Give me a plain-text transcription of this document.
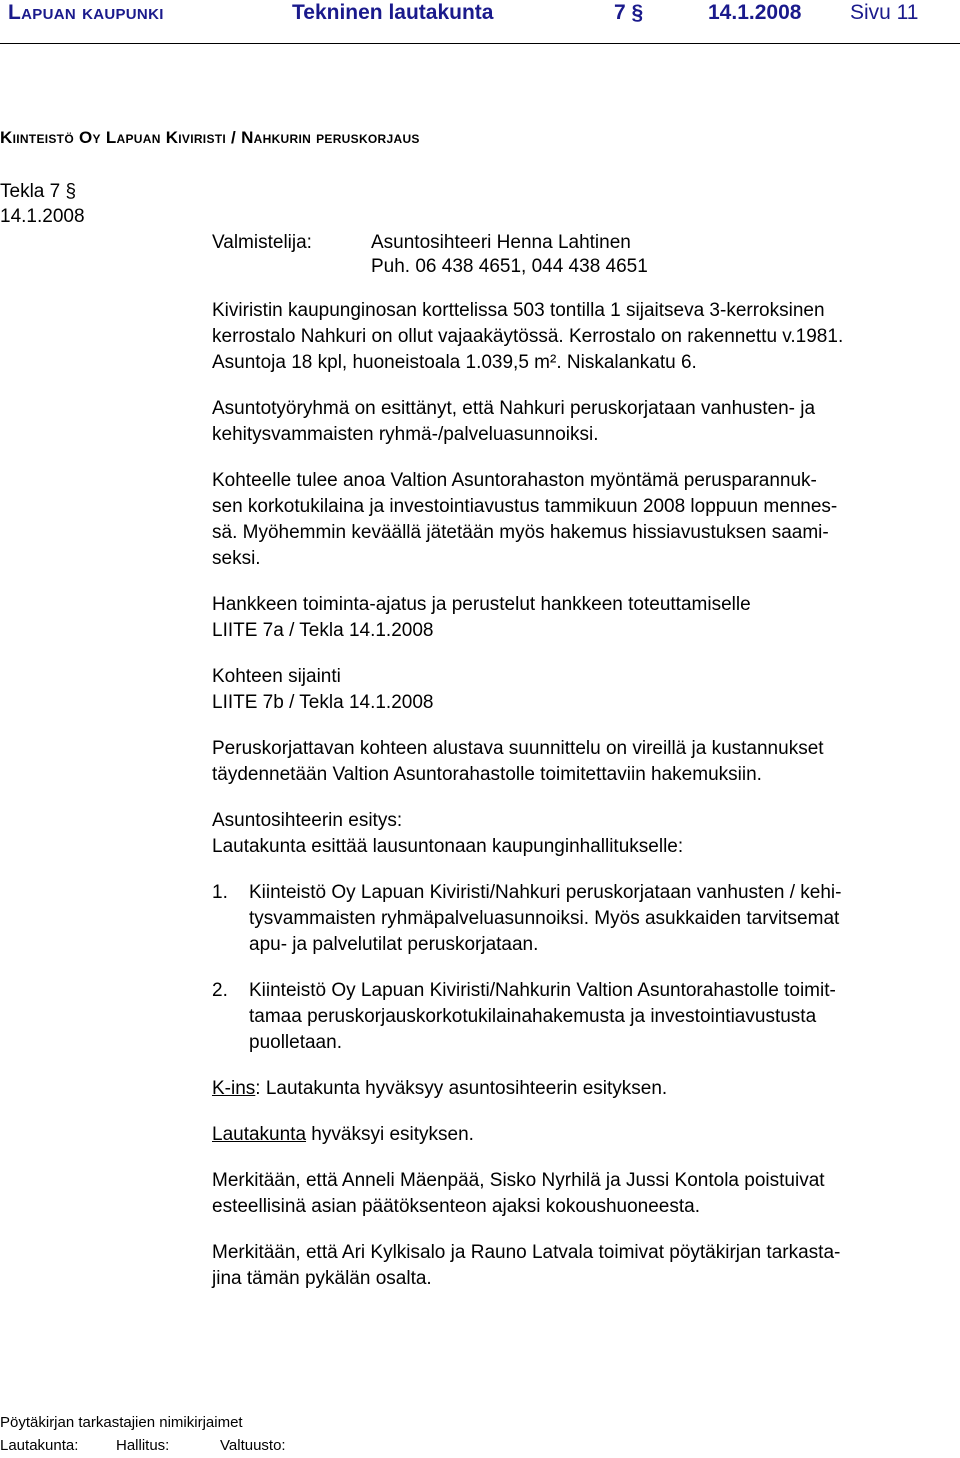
Lapuan kaupunki	Tekninen lautakunta	7 §	14.1.2008 Sivu 11
Kiinteistö Oy Lapuan Kiviristi / Nahkurin peruskorjaus
Tekla 7 §
14.1.2008
Valmistelija:	Asuntosihteeri Henna Lahtinen
Puh. 06 438 4651, 044 438 4651

Kiviristin kaupunginosan korttelissa 503 tontilla 1 sijaitseva 3-kerroksinen
kerrostalo Nahkuri on ollut vajaakäytössä. Kerrostalo on rakennettu v.1981.
Asuntoja 18 kpl, huoneistoala 1.039,5 m². Niskalankatu 6.

Asuntotyöryhmä on esittänyt, että Nahkuri peruskorjataan vanhusten- ja
kehitysvammaisten ryhmä-/palveluasunnoiksi.

Kohteelle tulee anoa Valtion Asuntorahaston myöntämä perusparannuk-
sen korkotukilaina ja investointiavustus tammikuun 2008 loppuun mennes-
sä. Myöhemmin keväällä jätetään myös hakemus hissiavustuksen saami-
seksi.

Hankkeen toiminta-ajatus ja perustelut hankkeen toteuttamiselle
LIITE 7a / Tekla 14.1.2008

Kohteen sijainti
LIITE 7b / Tekla 14.1.2008

Peruskorjattavan kohteen alustava suunnittelu on vireillä ja kustannukset
täydennetään Valtion Asuntorahastolle toimitettaviin hakemuksiin.

Asuntosihteerin esitys:
Lautakunta esittää lausuntonaan kaupunginhallitukselle:

1. Kiinteistö Oy Lapuan Kiviristi/Nahkuri peruskorjataan vanhusten / kehi-
tysvammaisten ryhmäpalveluasunnoiksi. Myös asukkaiden tarvitsemat
apu- ja palvelutilat peruskorjataan.
2. Kiinteistö Oy Lapuan Kiviristi/Nahkurin Valtion Asuntorahastolle toimit-
tamaa peruskorjauskorkotukilainahakemusta ja investointiavustusta
puolletaan.

K-ins: Lautakunta hyväksyy asuntosihteerin esityksen.

Lautakunta hyväksyi esityksen.

Merkitään, että Anneli Mäenpää, Sisko Nyrhilä ja Jussi Kontola poistuivat
esteellisinä asian päätöksenteon ajaksi kokoushuoneesta.

Merkitään, että Ari Kylkisalo ja Rauno Latvala toimivat pöytäkirjan tarkasta-
jina tämän pykälän osalta.

Pöytäkirjan tarkastajien nimikirjaimet
Lautakunta:	Hallitus:	Valtuusto:
